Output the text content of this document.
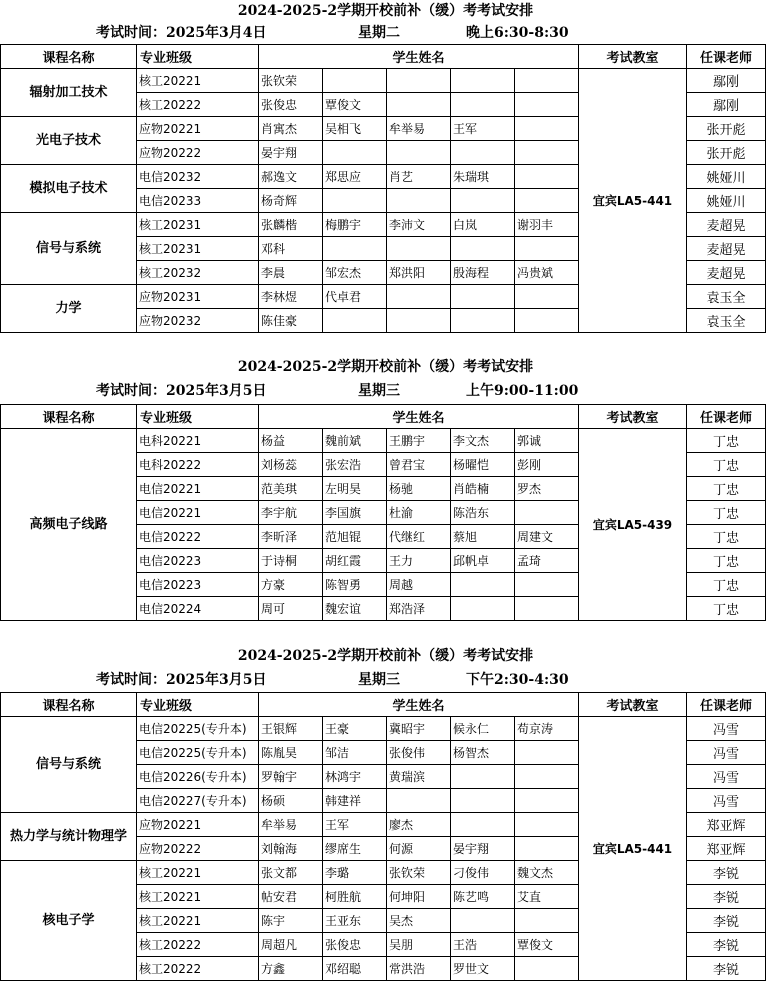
2024-2025-2学期开校前补（缓）考考试安排
考试时间：2025年3月4日	星期二	晚上6:30-8:30
课程名称	专业班级	学生姓名					考试教室	任课老师
辐射加工技术	核工20221	张钦荣					宜宾LA5-441	鄢刚
	核工20222	张俊忠	覃俊文					鄢刚
光电子技术	应物20221	肖寓杰	吴相飞	牟举易	王军			张开彪
	应物20222	晏宇翔						张开彪
模拟电子技术	电信20232	郝逸文	郑思应	肖艺	朱瑞琪			姚娅川
	电信20233	杨奇辉						姚娅川
信号与系统	核工20231	张麟楷	梅鹏宇	李沛文	白岚	谢羽丰		麦超晃
	核工20231	邓科						麦超晃
	核工20232	李晨	邹宏杰	郑洪阳	殷海程	冯贵斌		麦超晃
力学	应物20231	李林煜	代卓君					袁玉全
	应物20232	陈佳豪						袁玉全
2024-2025-2学期开校前补（缓）考考试安排
考试时间：2025年3月5日	星期三	上午9:00-11:00
课程名称	专业班级	学生姓名					考试教室	任课老师
高频电子线路	电科20221	杨益	魏前斌	王鹏宇	李文杰	郭诚	宜宾LA5-439	丁忠
	电科20222	刘杨蕊	张宏浩	曾君宝	杨曜恺	彭刚		丁忠
	电信20221	范美琪	左明昊	杨驰	肖皓楠	罗杰		丁忠
	电信20221	李宇航	李国旗	杜渝	陈浩东			丁忠
	电信20222	李昕泽	范旭锟	代继红	蔡旭	周建文		丁忠
	电信20223	于诗桐	胡红霞	王力	邱帆卓	孟琦		丁忠
	电信20223	方豪	陈智勇	周越				丁忠
	电信20224	周可	魏宏谊	郑浩泽				丁忠
2024-2025-2学期开校前补（缓）考考试安排
考试时间：2025年3月5日	星期三	下午2:30-4:30
课程名称	专业班级	学生姓名					考试教室	任课老师
信号与系统	电信20225(专升本)	王银辉	王豪	冀昭宇	候永仁	苟京涛	宜宾LA5-441	冯雪
	电信20225(专升本)	陈胤昊	邹洁	张俊伟	杨智杰			冯雪
	电信20226(专升本)	罗翰宇	林鸿宇	黄瑞滨				冯雪
	电信20227(专升本)	杨硕	韩建祥					冯雪
热力学与统计物理学	应物20221	牟举易	王军	廖杰				郑亚辉
	应物20222	刘翰海	缪席生	何源	晏宇翔			郑亚辉
核电子学	核工20221	张文都	李璐	张钦荣	刁俊伟	魏文杰		李锐
	核工20221	帖安君	柯胜航	何坤阳	陈艺鸣	艾直		李锐
	核工20221	陈宇	王亚东	吴杰				李锐
	核工20222	周超凡	张俊忠	吴朋	王浩	覃俊文		李锐
	核工20222	方鑫	邓绍聪	常洪浩	罗世文			李锐
